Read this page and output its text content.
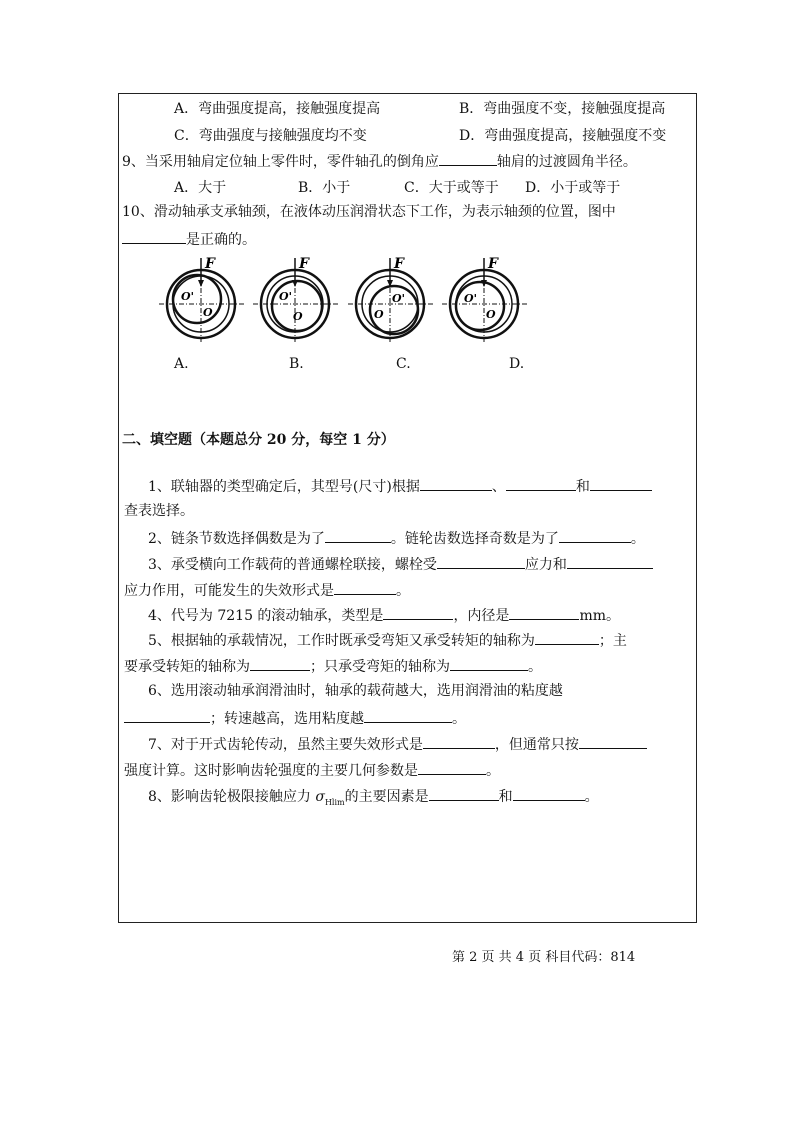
A．弯曲强度提高，接触强度提高	B．弯曲强度不变，接触强度提高
C．弯曲强度与接触强度均不变	D．弯曲强度提高，接触强度不变
9、当采用轴肩定位轴上零件时，零件轴孔的倒角应	轴肩的过渡圆角半径。
A．大于	B．小于	C．大于或等于 D．小于或等于
10、滑动轴承支承轴颈，在液体动压润滑状态下工作，为表示轴颈的位置，图中
是正确的。
F
O'
O
F
O'
O
F
O'
O
F
O'
O
A.	B.	C.	D.
二、填空题（本题总分 20 分，每空 1 分）
1、联轴器的类型确定后，其型号(尺寸)根据	、	和
查表选择。
2、链条节数选择偶数是为了	。链轮齿数选择奇数是为了	。
3、承受横向工作载荷的普通螺栓联接，螺栓受	应力和
应力作用，可能发生的失效形式是	。
4、代号为 7215 的滚动轴承，类型是	，内径是	mm。
5、根据轴的承载情况，工作时既承受弯矩又承受转矩的轴称为	；主
要承受转矩的轴称为	；只承受弯矩的轴称为	。
6、选用滚动轴承润滑油时，轴承的载荷越大，选用润滑油的粘度越
；转速越高，选用粘度越	。
7、对于开式齿轮传动，虽然主要失效形式是	，但通常只按
强度计算。这时影响齿轮强度的主要几何参数是	。
8、影响齿轮极限接触应力 $\sigma_{Hlim}$的主要因素是	和	。
第 2 页 共 4 页 科目代码：814
